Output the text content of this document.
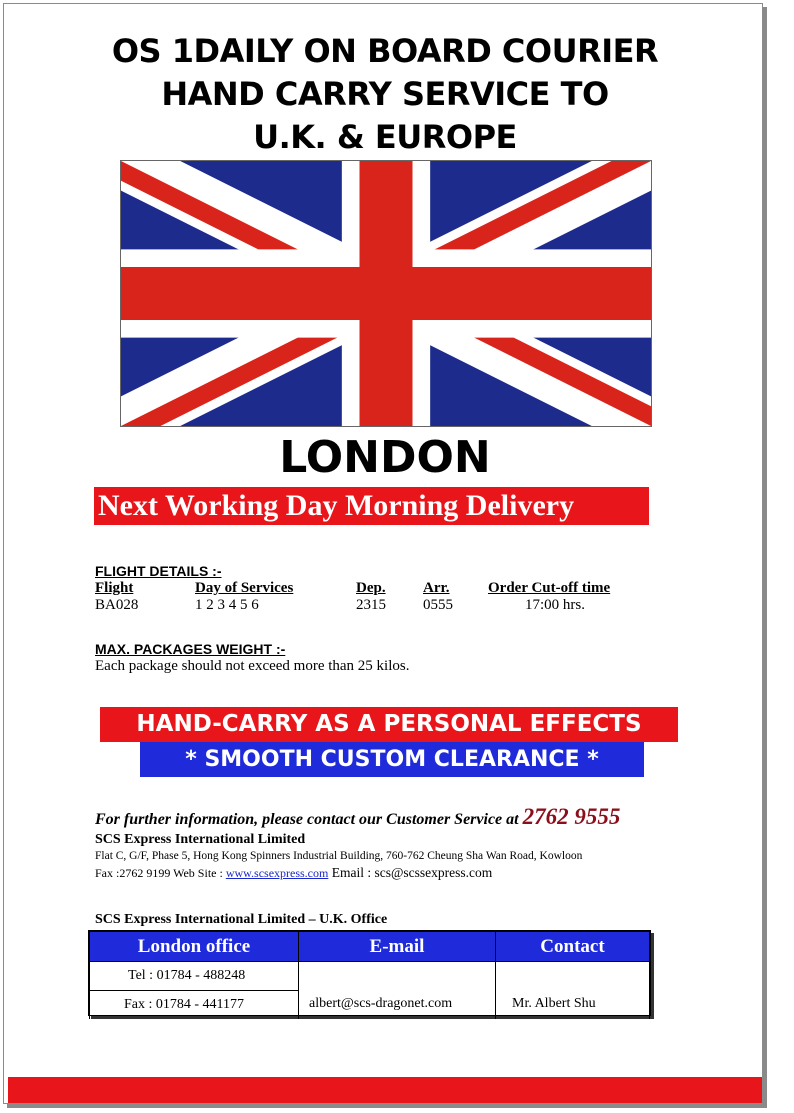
OS 1DAILY ON BOARD COURIER
HAND CARRY SERVICE TO
U.K. & EUROPE
LONDON
Next Working Day Morning Delivery
FLIGHT DETAILS :-
Flight	Day of Services	Dep. Arr.	Order Cut-off time
BA028	1 2 3 4 5 6	2315 0555	17:00 hrs.
MAX. PACKAGES WEIGHT :-
Each package should not exceed more than 25 kilos.
HAND-CARRY AS A PERSONAL EFFECTS
* SMOOTH CUSTOM CLEARANCE *
For further information, please contact our Customer Service at 2762 9555
SCS Express International Limited
Flat C, G/F, Phase 5, Hong Kong Spinners Industrial Building, 760-762 Cheung Sha Wan Road, Kowloon
Fax :2762 9199 Web Site : www.scsexpress.com Email : scs@scssexpress.com
SCS Express International Limited – U.K. Office
London office	E-mail	Contact

Tel : 01784 - 488248
Fax : 01784 - 441177	albert@scs-dragonet.com	Mr. Albert Shu
